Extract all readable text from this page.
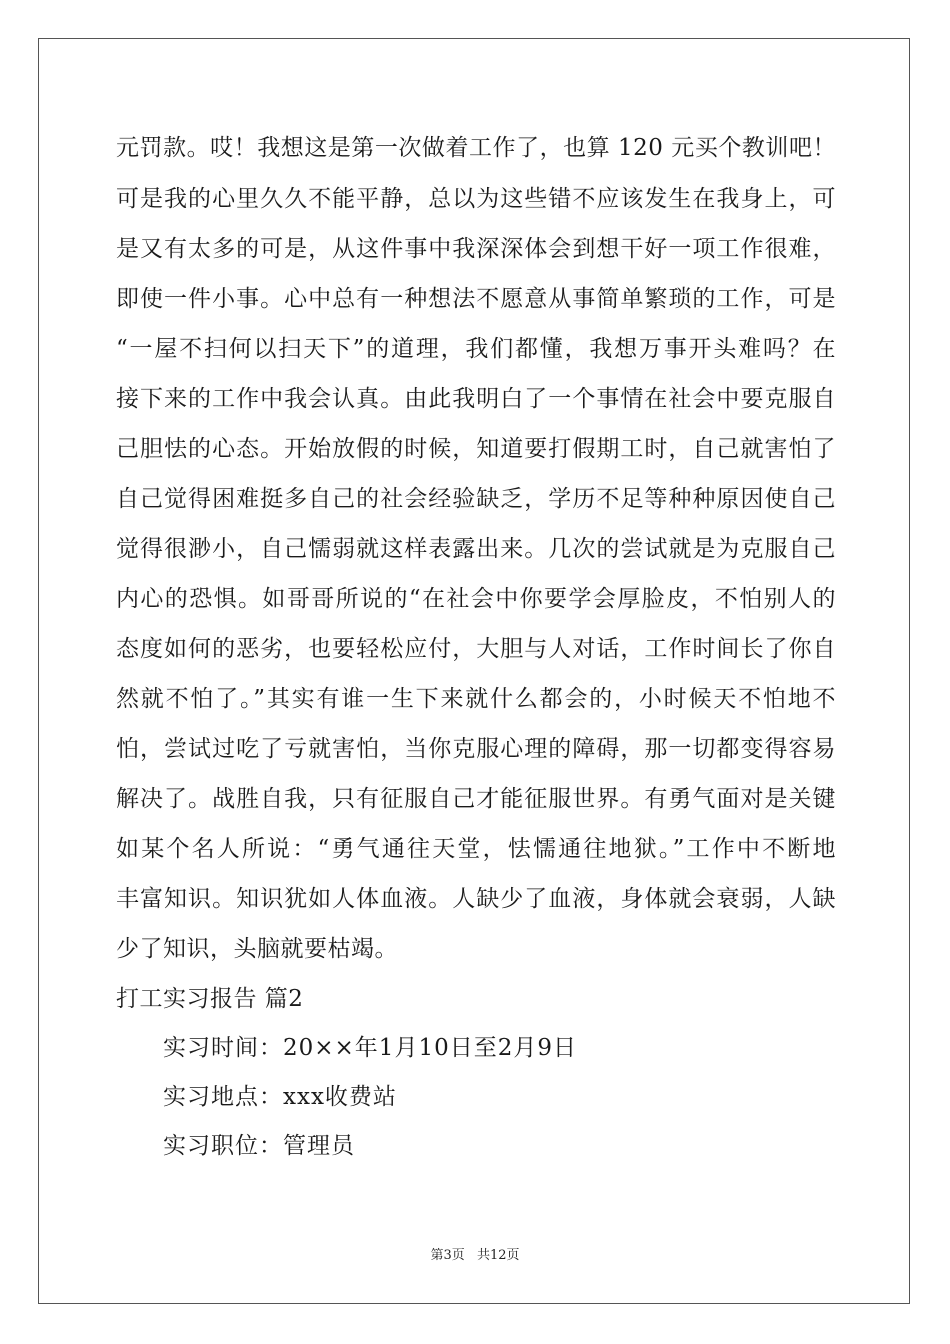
元罚款。哎！我想这是第一次做着工作了，也算 120 元买个教训吧！
可是我的心里久久不能平静，总以为这些错不应该发生在我身上，可
是又有太多的可是，从这件事中我深深体会到想干好一项工作很难，
即使一件小事。心中总有一种想法不愿意从事简单繁琐的工作，可是
“一屋不扫何以扫天下”的道理，我们都懂，我想万事开头难吗？在
接下来的工作中我会认真。由此我明白了一个事情在社会中要克服自
己胆怯的心态。开始放假的时候，知道要打假期工时，自己就害怕了
自己觉得困难挺多自己的社会经验缺乏，学历不足等种种原因使自己
觉得很渺小，自己懦弱就这样表露出来。几次的尝试就是为克服自己
内心的恐惧。如哥哥所说的“在社会中你要学会厚脸皮，不怕别人的
态度如何的恶劣，也要轻松应付，大胆与人对话，工作时间长了你自
然就不怕了。”其实有谁一生下来就什么都会的，小时候天不怕地不
怕，尝试过吃了亏就害怕，当你克服心理的障碍，那一切都变得容易
解决了。战胜自我，只有征服自己才能征服世界。有勇气面对是关键
如某个名人所说：“勇气通往天堂，怯懦通往地狱。”工作中不断地
丰富知识。知识犹如人体血液。人缺少了血液，身体就会衰弱，人缺
少了知识，头脑就要枯竭。
打工实习报告 篇2
实习时间：20××年1月10日至2月9日
实习地点：xxx收费站
实习职位：管理员
第3页 共12页
